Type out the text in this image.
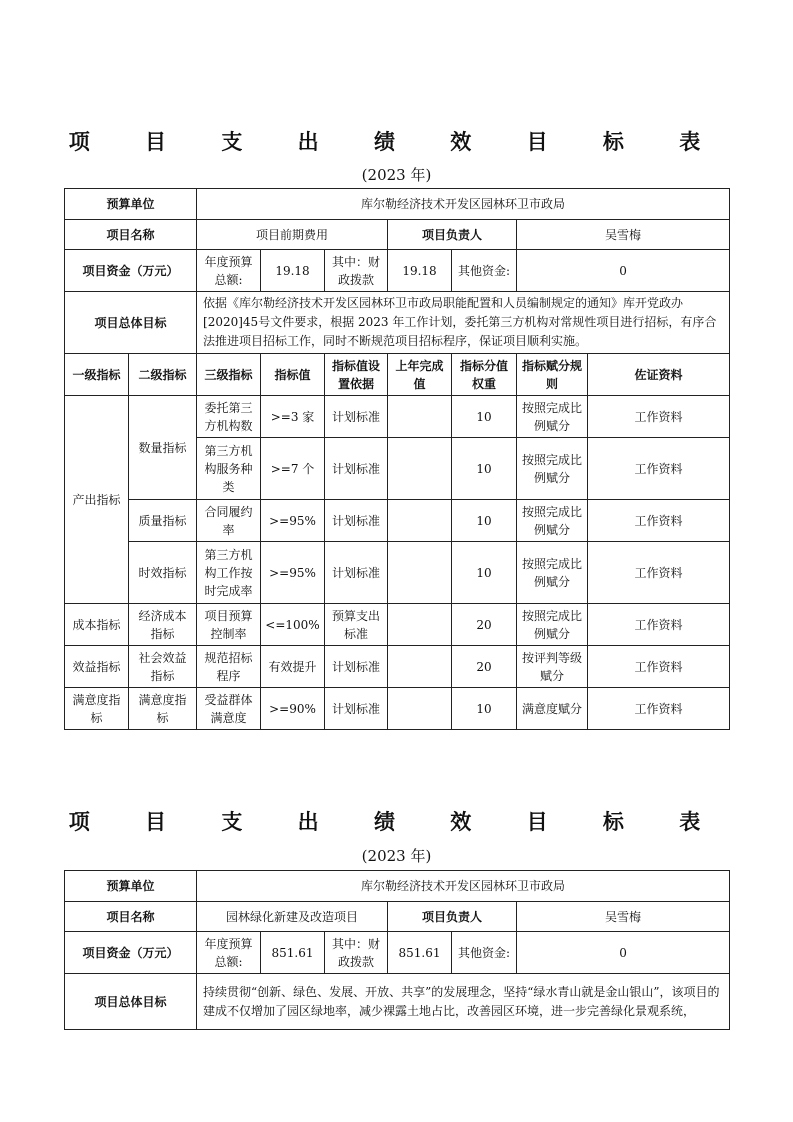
项 目 支 出 绩 效 目 标 表
(2023 年)
预算单位		库尔勒经济技术开发区园林环卫市政局						
项目名称		项目前期费用			项目负责人		吴雪梅	
项目资金（万元）		年度预算总额:	19.18	其中：财政拨款	19.18	其他资金:	0	
项目总体目标		依据《库尔勒经济技术开发区园林环卫市政局职能配置和人员编制规定的通知》库开党政办[2020]45号文件要求，根据 2023 年工作计划，委托第三方机构对常规性项目进行招标，有序合法推进项目招标工作，同时不断规范项目招标程序，保证项目顺利实施。						
一级指标	二级指标	三级指标	指标值	指标值设置依据	上年完成值	指标分值权重	指标赋分规则	佐证资料
产出指标	数量指标	委托第三方机构数	>=3 家	计划标准		10	按照完成比例赋分	工作资料
		第三方机构服务种类	>=7 个	计划标准		10	按照完成比例赋分	工作资料
	质量指标	合同履约率	>=95%	计划标准		10	按照完成比例赋分	工作资料
	时效指标	第三方机构工作按时完成率	>=95%	计划标准		10	按照完成比例赋分	工作资料
成本指标	经济成本指标	项目预算控制率	<=100%	预算支出标准		20	按照完成比例赋分	工作资料
效益指标	社会效益指标	规范招标程序	有效提升	计划标准		20	按评判等级赋分	工作资料
满意度指标	满意度指标	受益群体满意度	>=90%	计划标准		10	满意度赋分	工作资料
项 目 支 出 绩 效 目 标 表
(2023 年)
预算单位	库尔勒经济技术开发区园林环卫市政局					
项目名称	园林绿化新建及改造项目			项目负责人		吴雪梅
项目资金（万元）	年度预算总额:	851.61	其中：财政拨款	851.61	其他资金:	0
项目总体目标	持续贯彻“创新、绿色、发展、开放、共享”的发展理念，坚持“绿水青山就是金山银山”，该项目的建成不仅增加了园区绿地率，减少裸露土地占比，改善园区环境，进一步完善绿化景观系统，					
